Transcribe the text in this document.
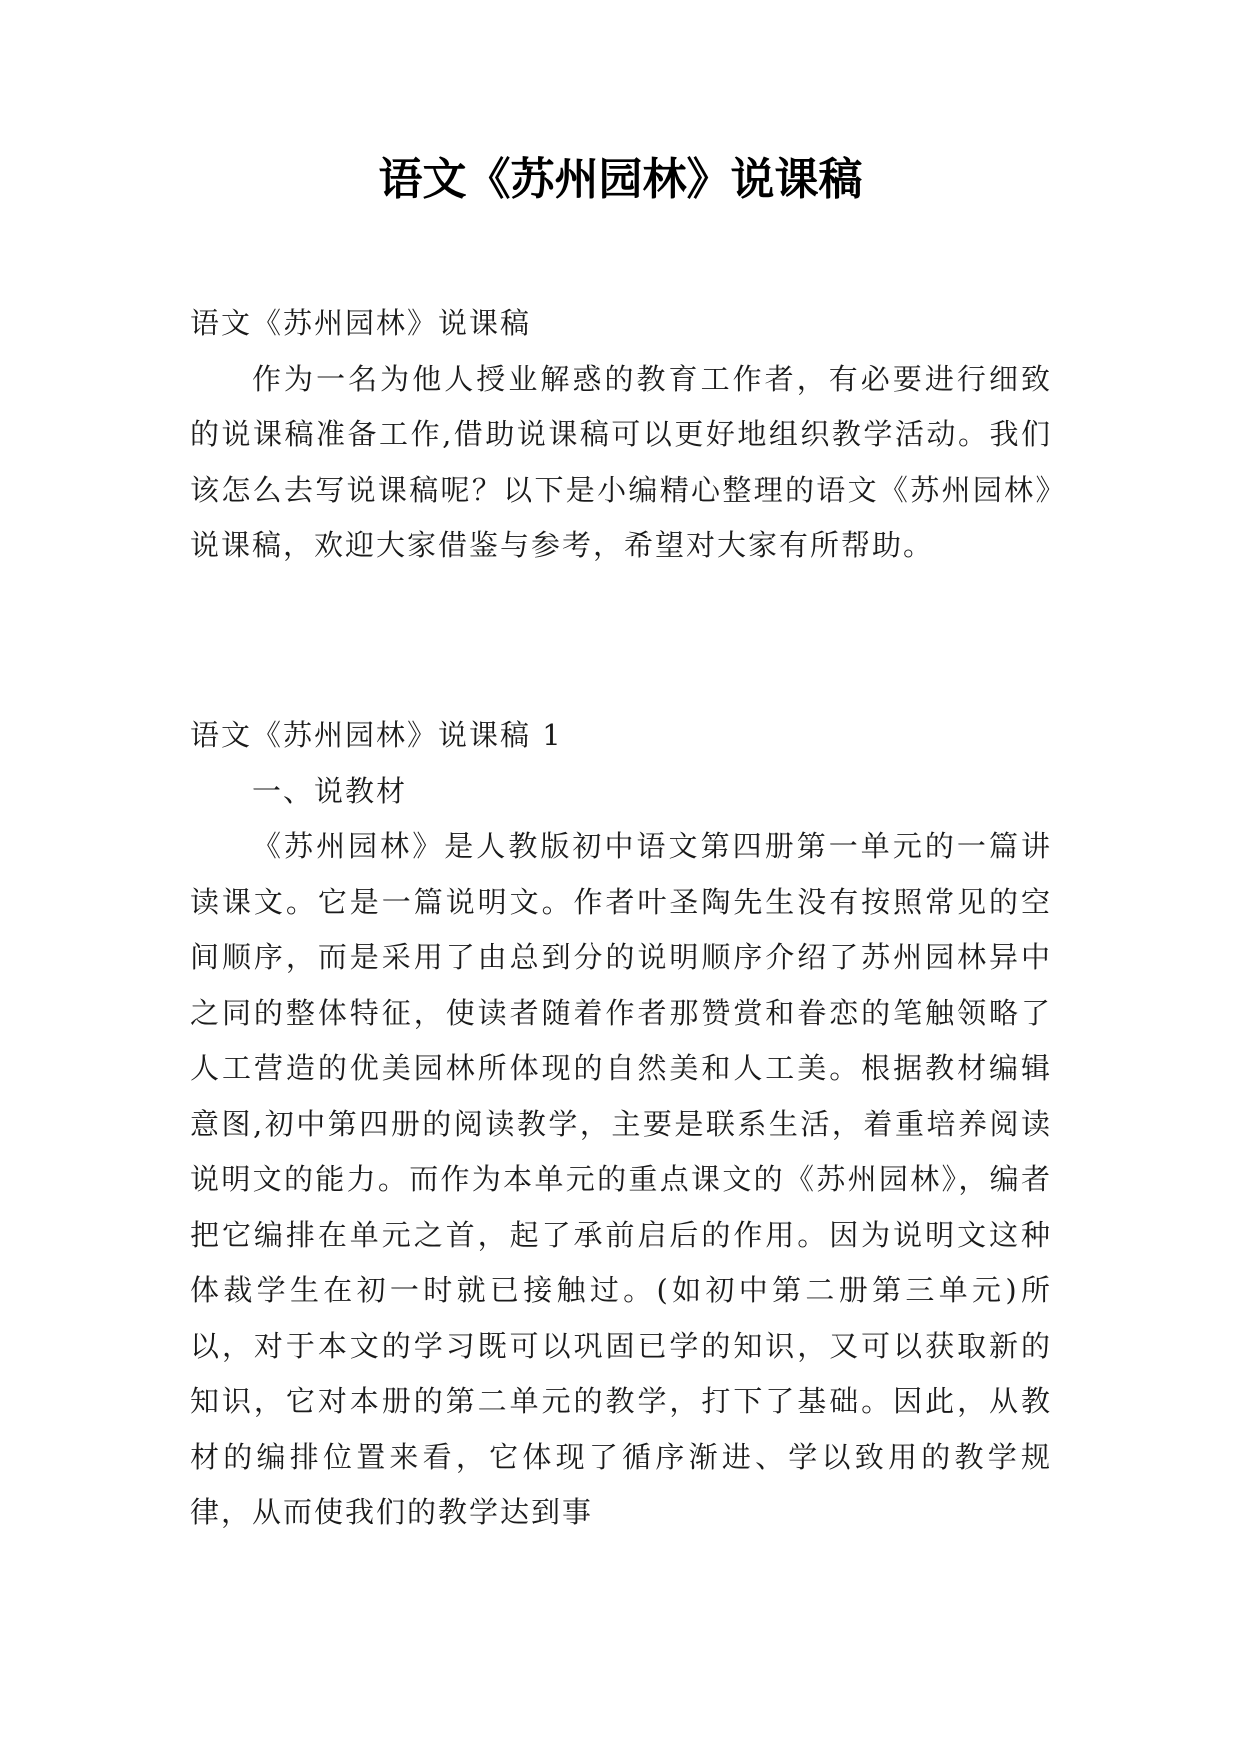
语文《苏州园林》说课稿

语文《苏州园林》说课稿

作为一名为他人授业解惑的教育工作者，有必要进行细致的说课稿准备工作,借助说课稿可以更好地组织教学活动。我们该怎么去写说课稿呢？以下是小编精心整理的语文《苏州园林》说课稿，欢迎大家借鉴与参考，希望对大家有所帮助。

语文《苏州园林》说课稿 1

一、说教材

《苏州园林》是人教版初中语文第四册第一单元的一篇讲读课文。它是一篇说明文。作者叶圣陶先生没有按照常见的空间顺序，而是采用了由总到分的说明顺序介绍了苏州园林异中之同的整体特征，使读者随着作者那赞赏和眷恋的笔触领略了人工营造的优美园林所体现的自然美和人工美。根据教材编辑意图,初中第四册的阅读教学，主要是联系生活，着重培养阅读说明文的能力。而作为本单元的重点课文的《苏州园林》，编者把它编排在单元之首，起了承前启后的作用。因为说明文这种体裁学生在初一时就已接触过。(如初中第二册第三单元)所以，对于本文的学习既可以巩固已学的知识，又可以获取新的知识，它对本册的第二单元的教学，打下了基础。因此，从教材的编排位置来看，它体现了循序渐进、学以致用的教学规律，从而使我们的教学达到事
